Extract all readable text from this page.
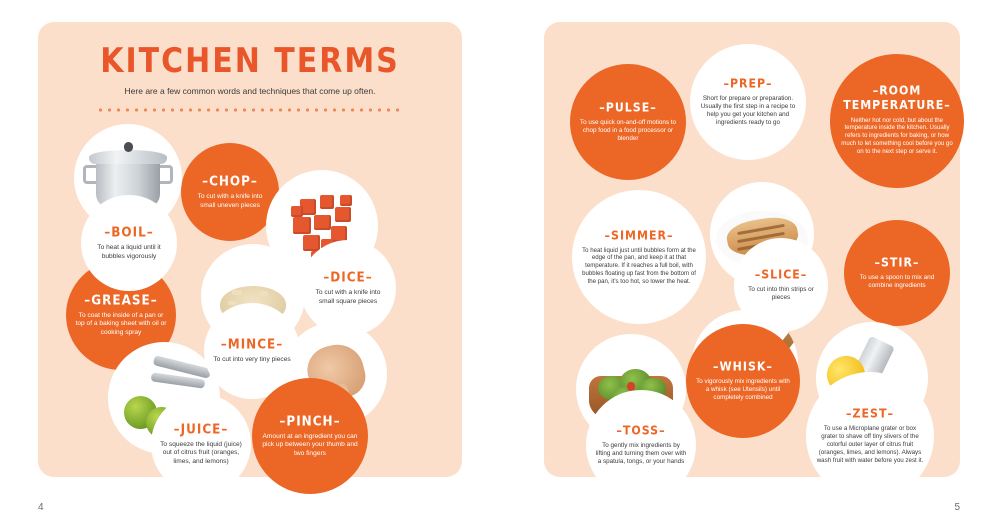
KITCHEN TERMS
Here are a few common words and techniques that come up often.
–BOIL–
To heat a liquid until it bubbles vigorously
–CHOP–
To cut with a knife into small uneven pieces
–DICE–
To cut with a knife into small square pieces
–GREASE–
To coat the inside of a pan or top of a baking sheet with oil or cooking spray
–MINCE–
To cut into very tiny pieces
–JUICE–
To squeeze the liquid (juice) out of citrus fruit (oranges, limes, and lemons)
–PINCH–
Amount at an ingredient you can pick up between your thumb and two fingers
4
–PREP–
Short for prepare or preparation. Usually the first step in a recipe to help you get your kitchen and ingredients ready to go
–PULSE–
To use quick on-and-off motions to chop food in a food processor or blender
–ROOM TEMPERATURE–
Neither hot nor cold, but about the temperature inside the kitchen. Usually refers to ingredients for baking, or how much to let something cool before you go on to the next step or serve it.
–SIMMER–
To heat liquid just until bubbles form at the edge of the pan, and keep it at that temperature. If it reaches a full boil, with bubbles floating up fast from the bottom of the pan, it's too hot, so lower the heat.	–SLICE–
To cut into thin strips or pieces
–STIR–
To use a spoon to mix and combine ingredients
–WHISK–
To vigorously mix ingredients with a whisk (see Utensils) until completely combined
–TOSS–
To gently mix ingredients by lifting and turning them over with a spatula, tongs, or your hands
–ZEST–
To use a Microplane grater or box grater to shave off tiny slivers of the colorful outer layer of citrus fruit (oranges, limes, and lemons). Always wash fruit with water before you zest it.
5
